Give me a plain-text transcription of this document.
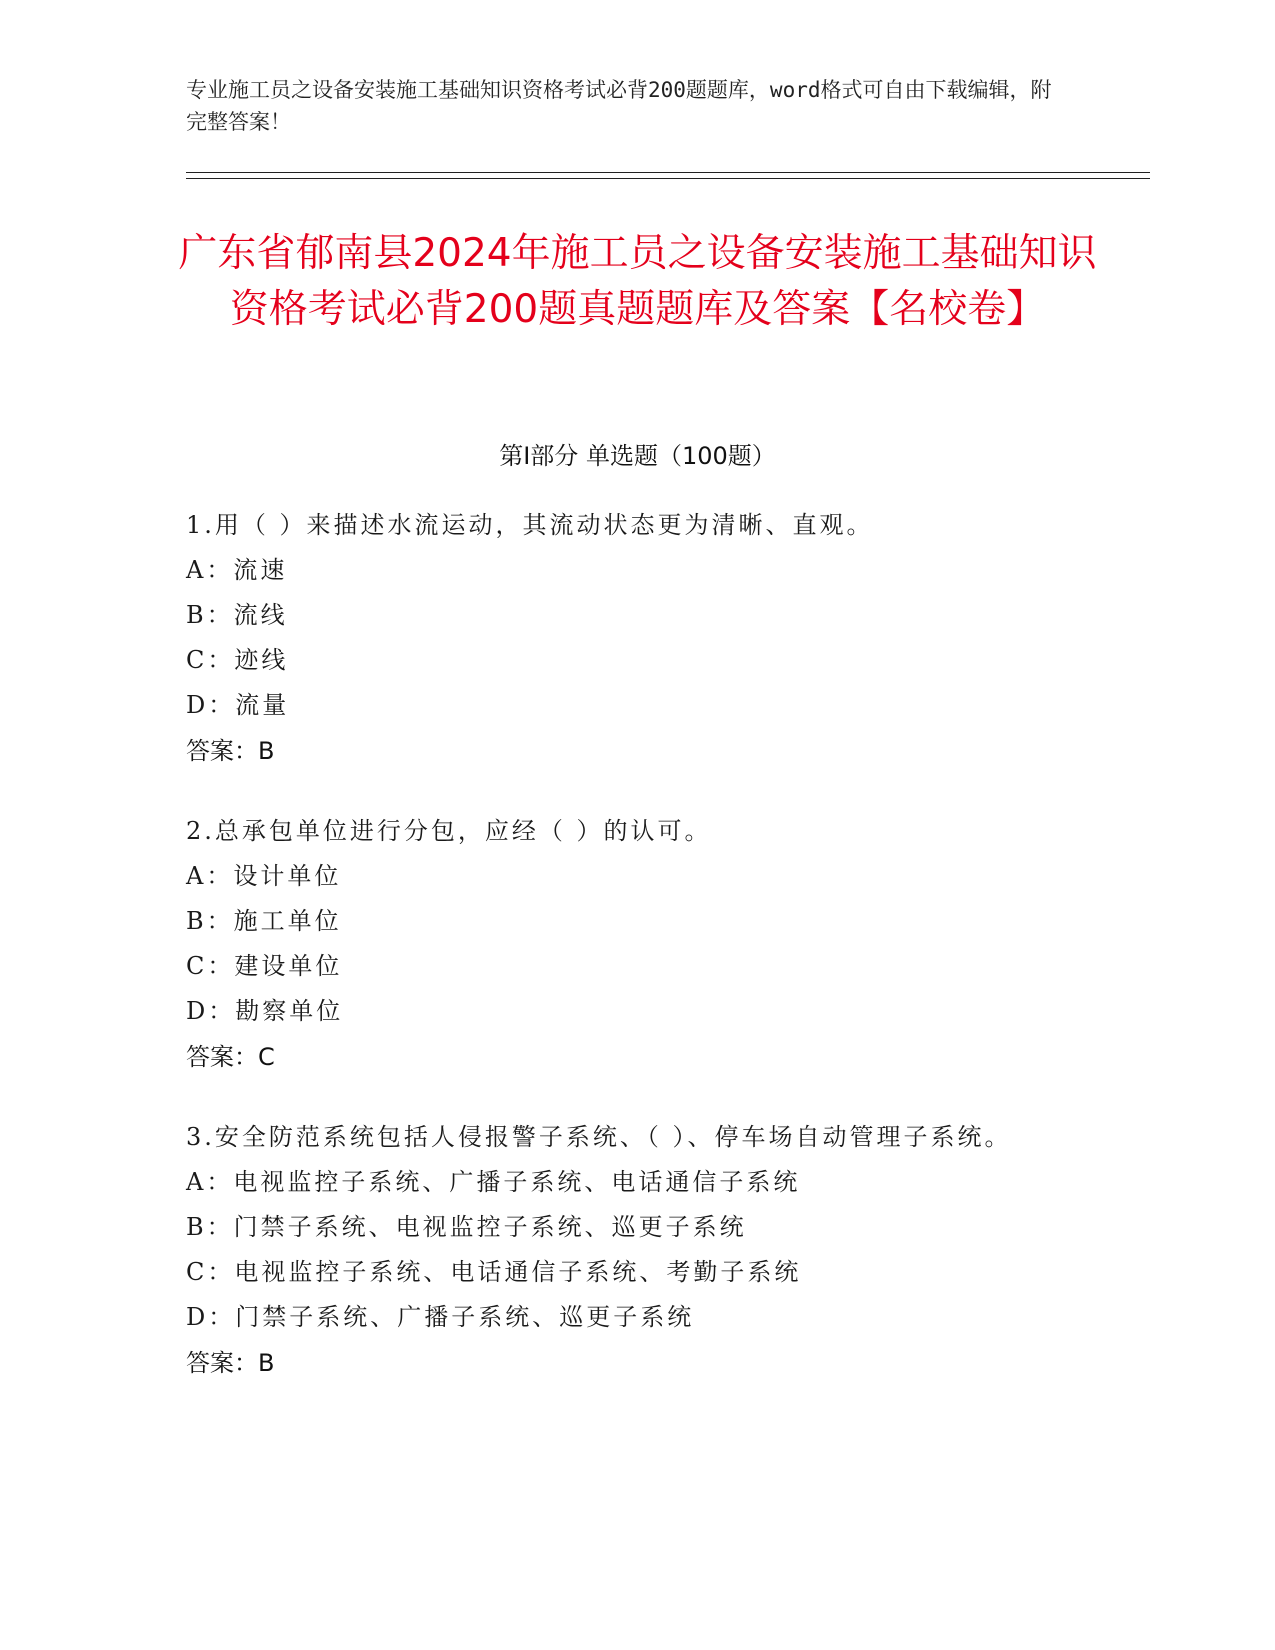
专业施工员之设备安装施工基础知识资格考试必背200题题库，word格式可自由下载编辑，附完整答案！
广东省郁南县2024年施工员之设备安装施工基础知识资格考试必背200题真题题库及答案【名校卷】
第I部分 单选题（100题）
1.用（ ）来描述水流运动，其流动状态更为清晰、直观。
A：流速
B：流线
C：迹线
D：流量
答案：B
2.总承包单位进行分包，应经（ ）的认可。
A：设计单位
B：施工单位
C：建设单位
D：勘察单位
答案：C
3.安全防范系统包括人侵报警子系统、（ ）、停车场自动管理子系统。
A：电视监控子系统、广播子系统、电话通信子系统
B：门禁子系统、电视监控子系统、巡更子系统
C：电视监控子系统、电话通信子系统、考勤子系统
D：门禁子系统、广播子系统、巡更子系统
答案：B
